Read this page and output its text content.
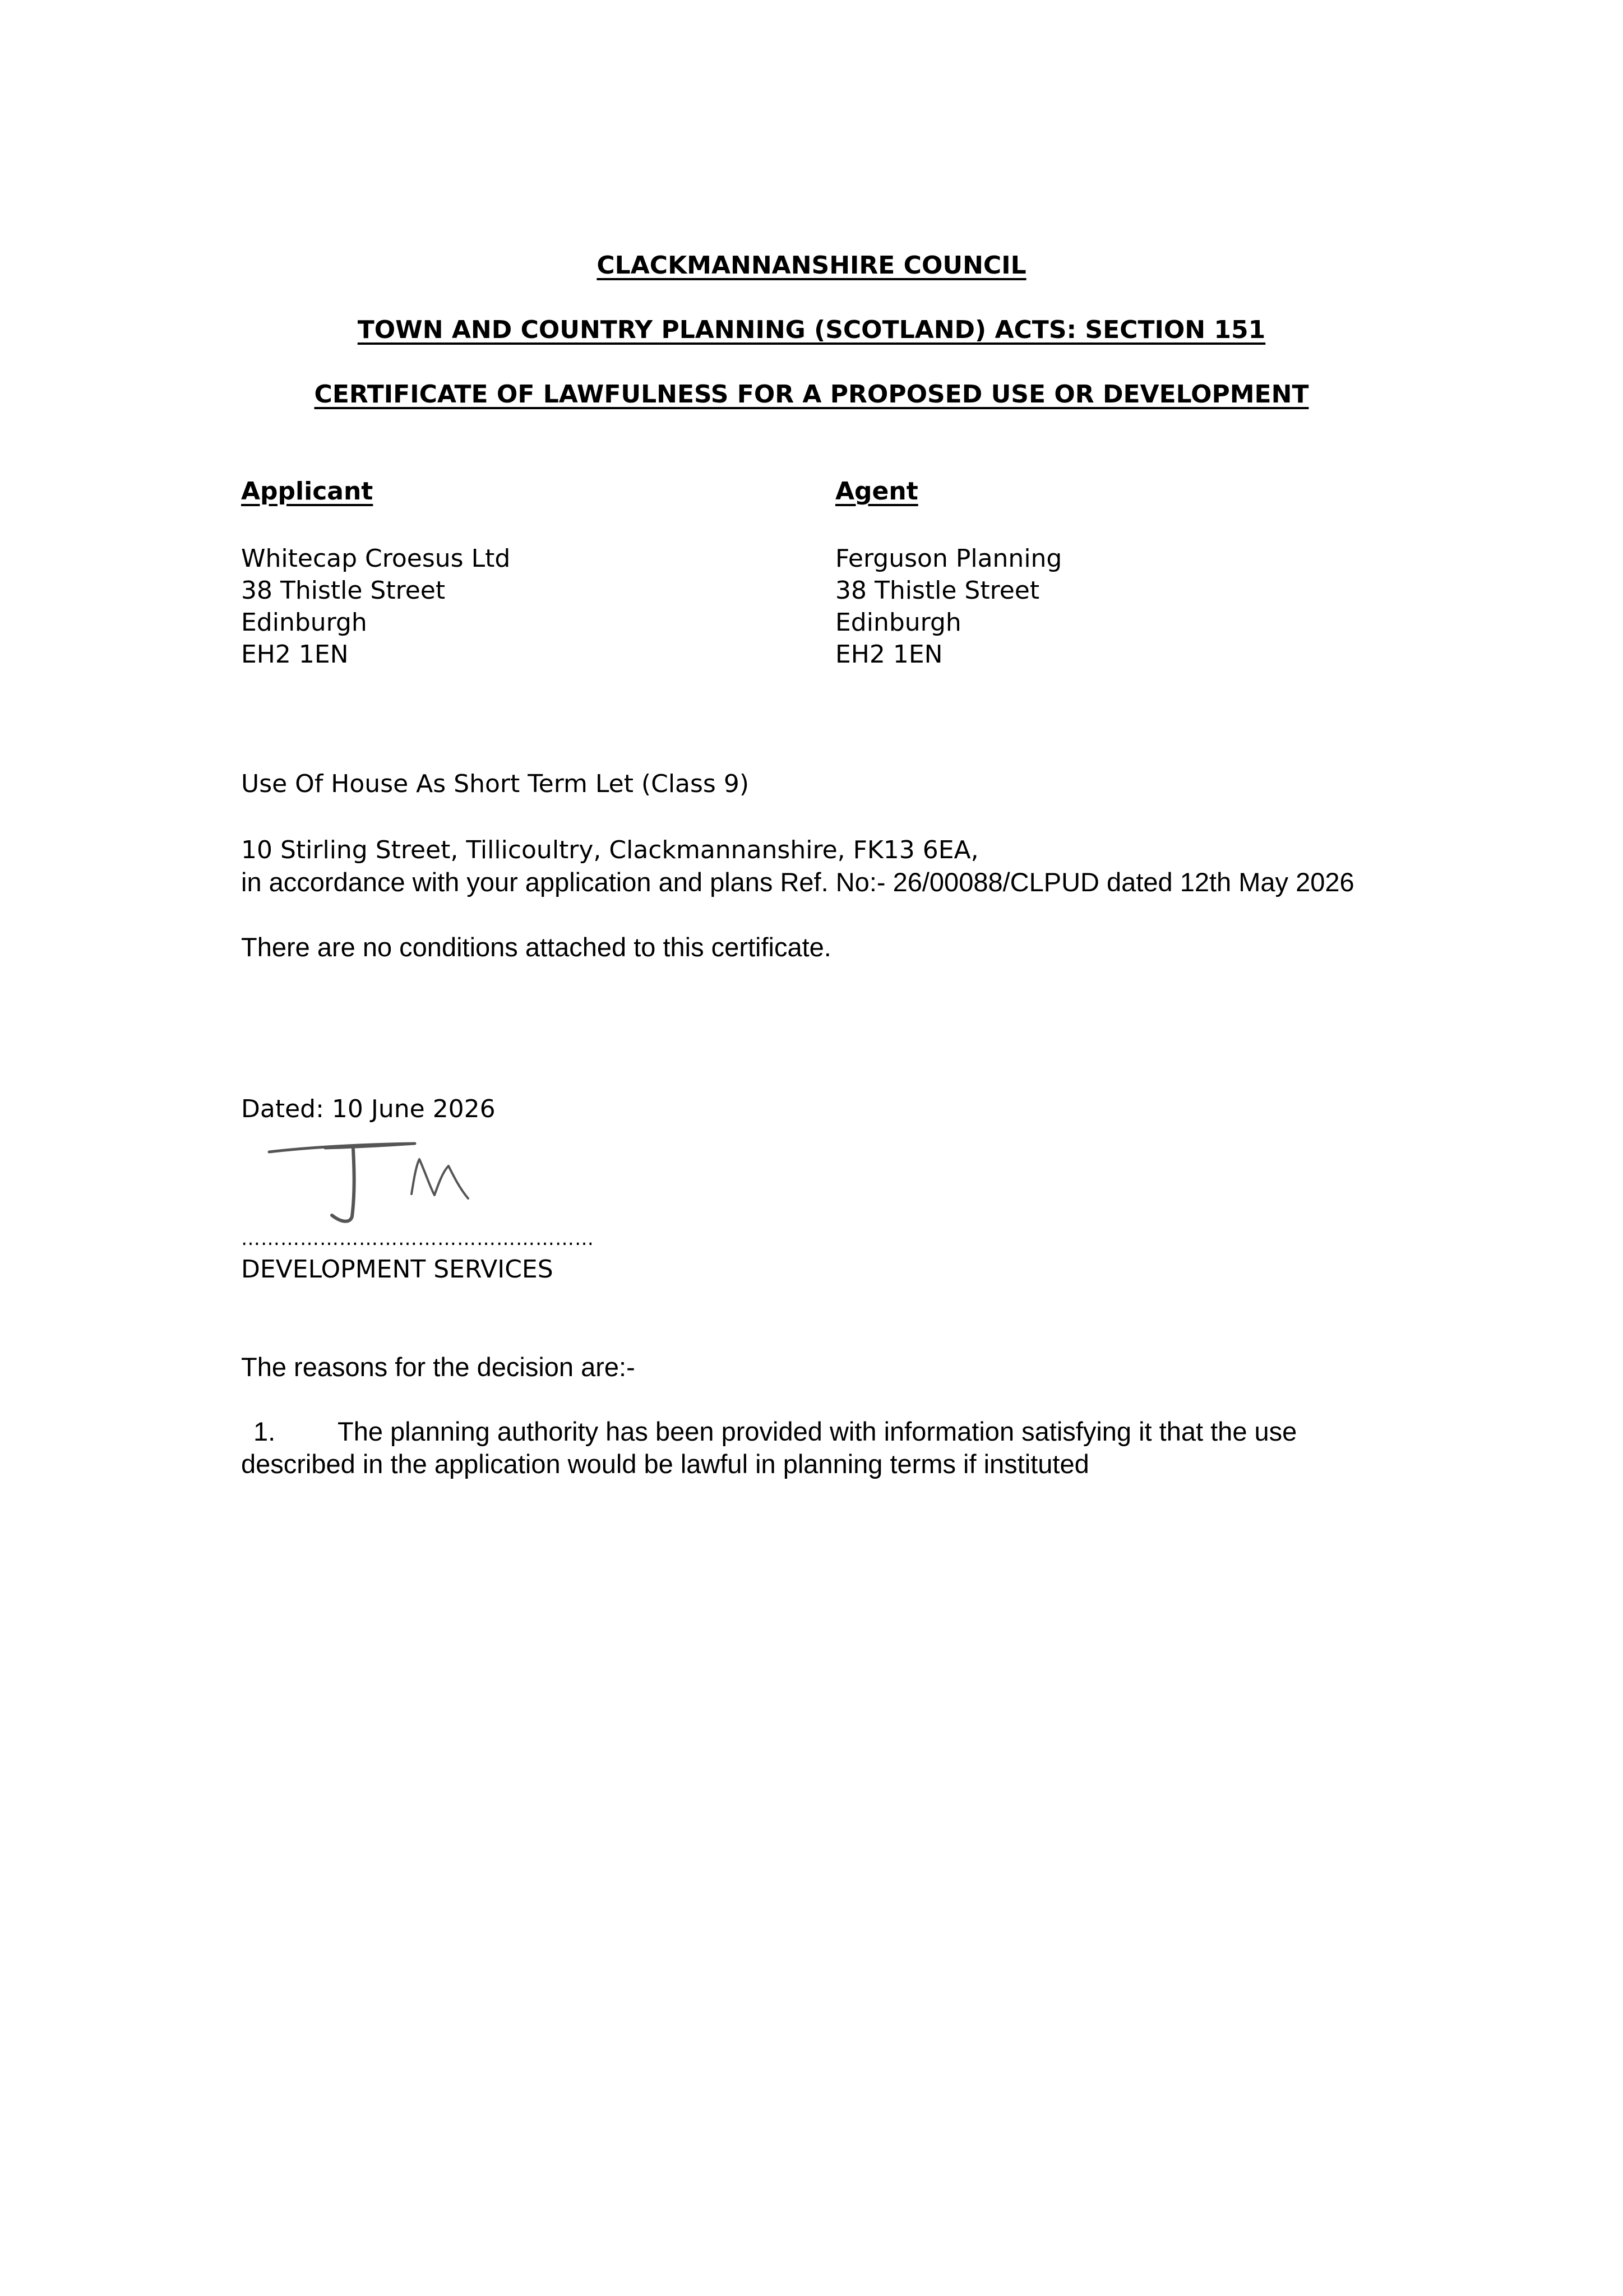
CLACKMANNANSHIRE COUNCIL
TOWN AND COUNTRY PLANNING (SCOTLAND) ACTS: SECTION 151
CERTIFICATE OF LAWFULNESS FOR A PROPOSED USE OR DEVELOPMENT
Applicant	Agent
Whitecap Croesus Ltd
38 Thistle Street
Edinburgh
EH2 1EN
Ferguson Planning
38 Thistle Street
Edinburgh
EH2 1EN
Use Of House As Short Term Let (Class 9)
10 Stirling Street, Tillicoultry, Clackmannanshire, FK13 6EA,
in accordance with your application and plans Ref. No:- 26/00088/CLPUD dated 12th May 2026
There are no conditions attached to this certificate.
Dated: 10 June 2026
………………………………………………
DEVELOPMENT SERVICES
The reasons for the decision are:-
1. The planning authority has been provided with information satisfying it that the use
described in the application would be lawful in planning terms if instituted
